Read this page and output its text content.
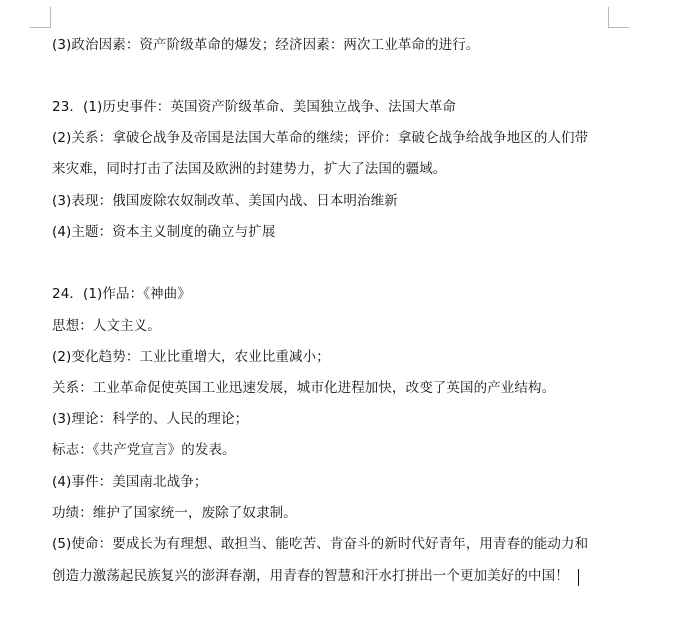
(3)政治因素：资产阶级革命的爆发；经济因素：两次工业革命的进行。
23．(1)历史事件：英国资产阶级革命、美国独立战争、法国大革命
(2)关系：拿破仑战争及帝国是法国大革命的继续；评价：拿破仑战争给战争地区的人们带
来灾难，同时打击了法国及欧洲的封建势力，扩大了法国的疆域。
(3)表现：俄国废除农奴制改革、美国内战、日本明治维新
(4)主题：资本主义制度的确立与扩展
24．(1)作品：《神曲》
思想：人文主义。
(2)变化趋势：工业比重增大，农业比重减小；
关系：工业革命促使英国工业迅速发展，城市化进程加快，改变了英国的产业结构。
(3)理论：科学的、人民的理论；
标志：《共产党宣言》的发表。
(4)事件：美国南北战争；
功绩：维护了国家统一，废除了奴隶制。
(5)使命：要成长为有理想、敢担当、能吃苦、肯奋斗的新时代好青年，用青春的能动力和
创造力激荡起民族复兴的澎湃春潮，用青春的智慧和汗水打拼出一个更加美好的中国！
